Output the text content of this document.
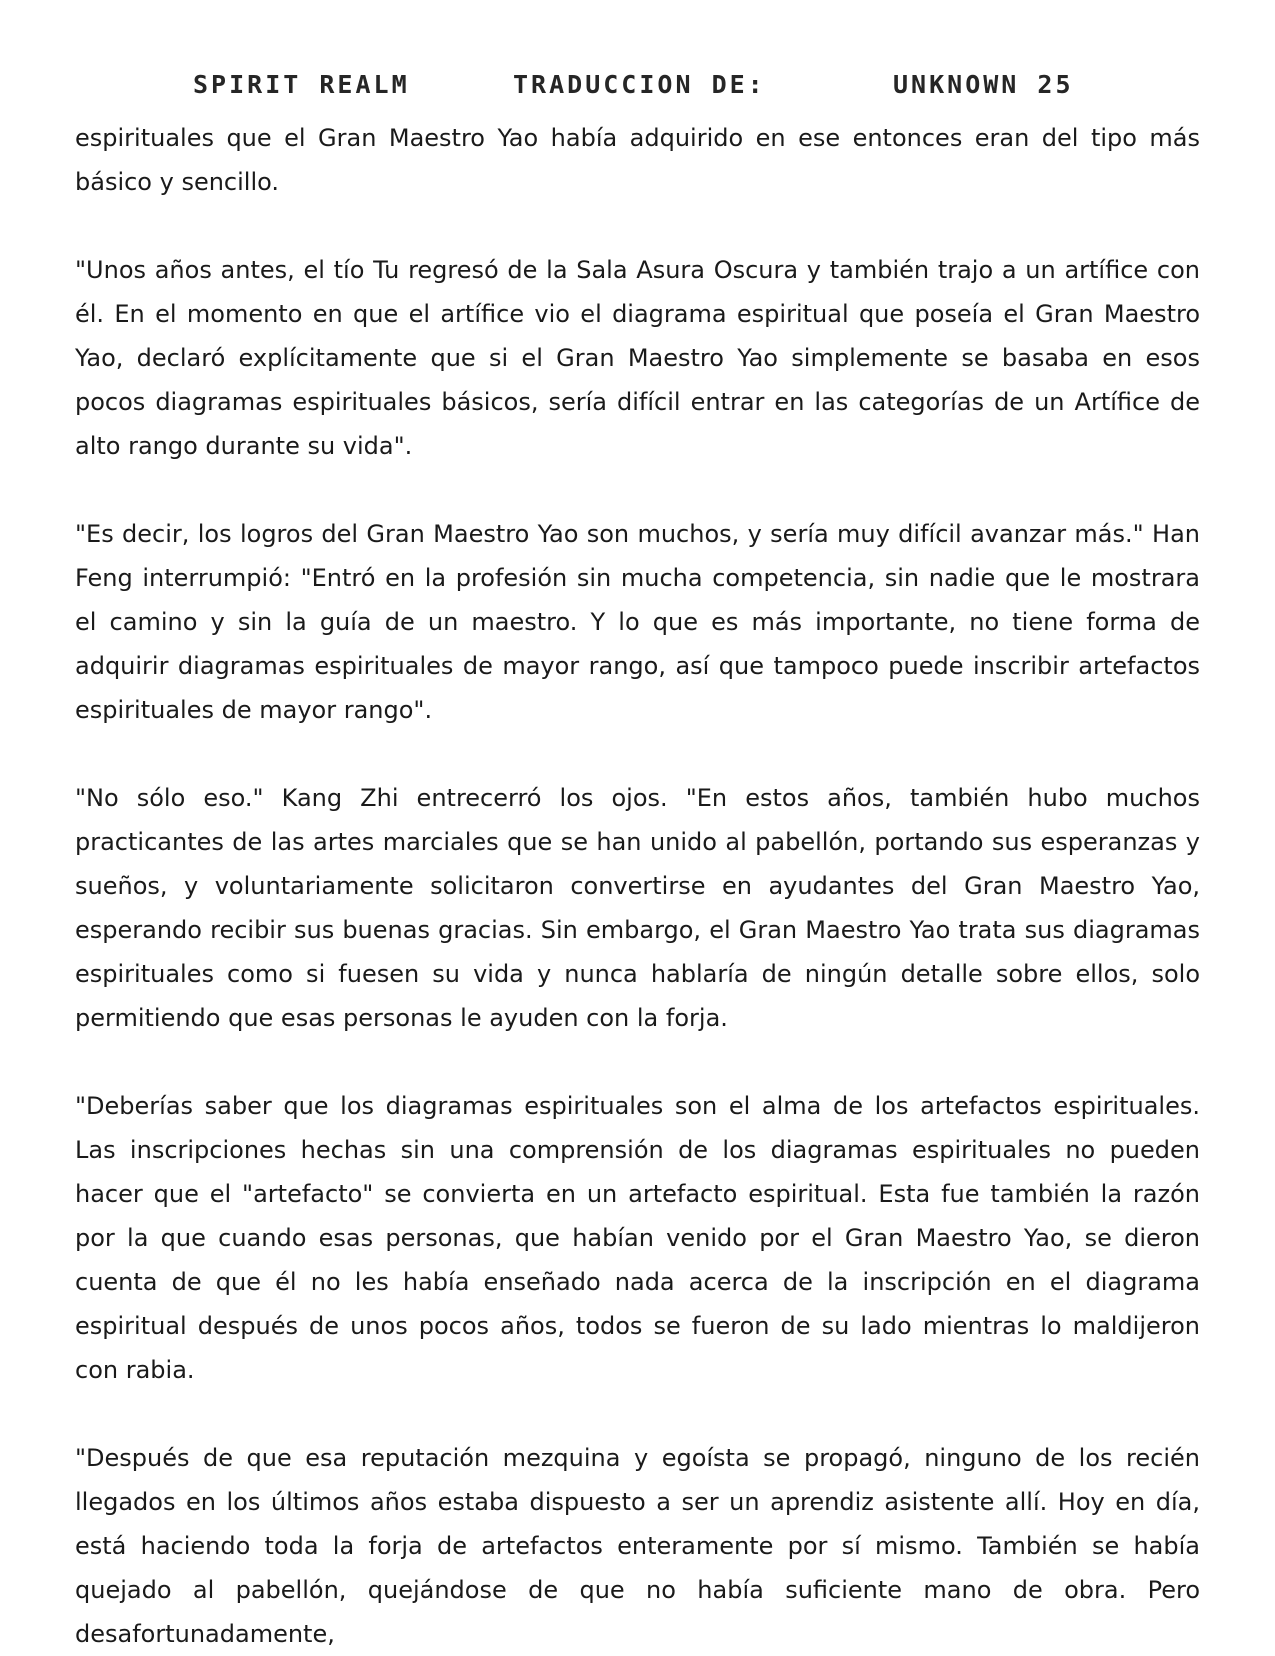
SPIRIT REALM	TRADUCCION DE:	UNKNOWN 25

espirituales que el Gran Maestro Yao había adquirido en ese entonces eran del tipo más básico y sencillo.

"Unos años antes, el tío Tu regresó de la Sala Asura Oscura y también trajo a un artífice con él. En el momento en que el artífice vio el diagrama espiritual que poseía el Gran Maestro Yao, declaró explícitamente que si el Gran Maestro Yao simplemente se basaba en esos pocos diagramas espirituales básicos, sería difícil entrar en las categorías de un Artífice de alto rango durante su vida".

"Es decir, los logros del Gran Maestro Yao son muchos, y sería muy difícil avanzar más." Han Feng interrumpió: "Entró en la profesión sin mucha competencia, sin nadie que le mostrara el camino y sin la guía de un maestro. Y lo que es más importante, no tiene forma de adquirir diagramas espirituales de mayor rango, así que tampoco puede inscribir artefactos espirituales de mayor rango".

"No sólo eso." Kang Zhi entrecerró los ojos. "En estos años, también hubo muchos practicantes de las artes marciales que se han unido al pabellón, portando sus esperanzas y sueños, y voluntariamente solicitaron convertirse en ayudantes del Gran Maestro Yao, esperando recibir sus buenas gracias. Sin embargo, el Gran Maestro Yao trata sus diagramas espirituales como si fuesen su vida y nunca hablaría de ningún detalle sobre ellos, solo permitiendo que esas personas le ayuden con la forja.

"Deberías saber que los diagramas espirituales son el alma de los artefactos espirituales. Las inscripciones hechas sin una comprensión de los diagramas espirituales no pueden hacer que el "artefacto" se convierta en un artefacto espiritual. Esta fue también la razón por la que cuando esas personas, que habían venido por el Gran Maestro Yao, se dieron cuenta de que él no les había enseñado nada acerca de la inscripción en el diagrama espiritual después de unos pocos años, todos se fueron de su lado mientras lo maldijeron con rabia.

"Después de que esa reputación mezquina y egoísta se propagó, ninguno de los recién llegados en los últimos años estaba dispuesto a ser un aprendiz asistente allí. Hoy en día, está haciendo toda la forja de artefactos enteramente por sí mismo. También se había quejado al pabellón, quejándose de que no había suficiente mano de obra. Pero desafortunadamente,
